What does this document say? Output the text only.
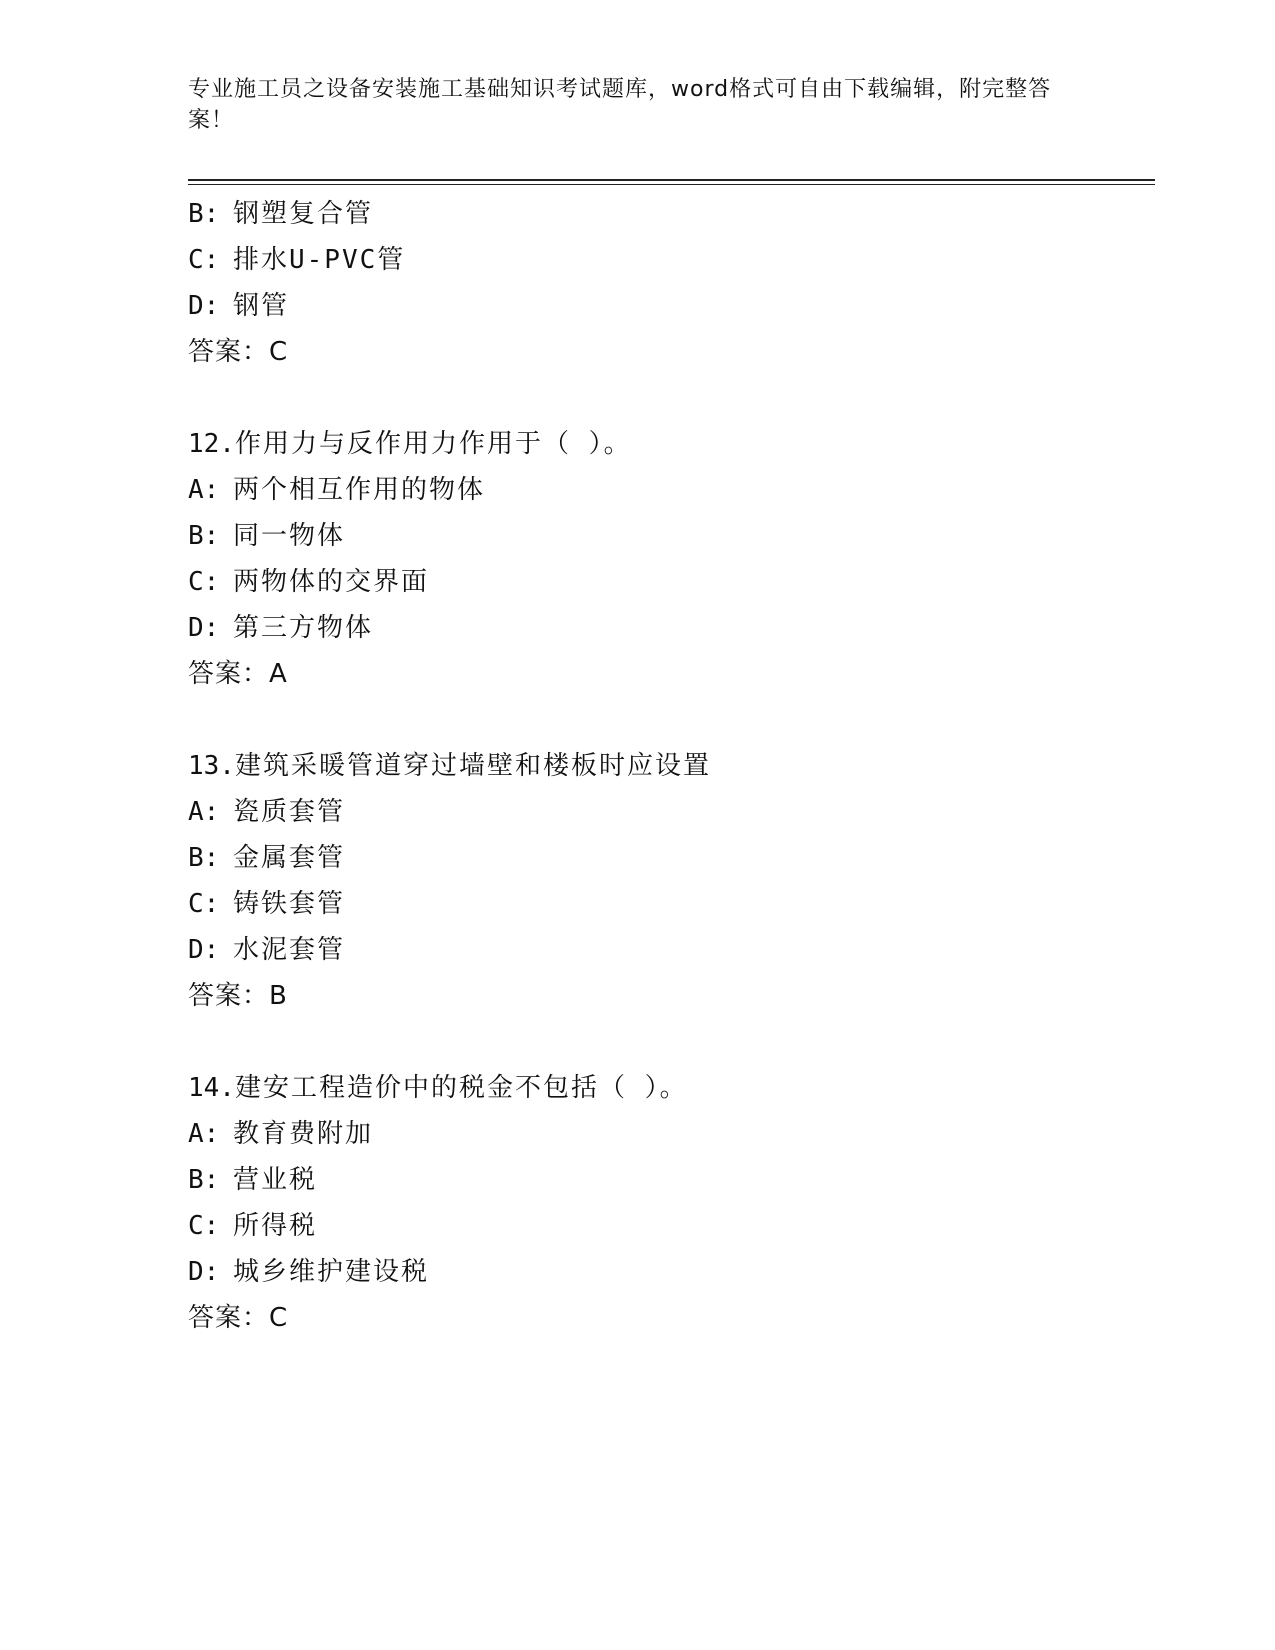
专业施工员之设备安装施工基础知识考试题库，word格式可自由下载编辑，附完整答案！
B: 钢塑复合管
C: 排水U-PVC管
D: 钢管
答案：C
12.作用力与反作用力作用于（ ）。
A: 两个相互作用的物体
B: 同一物体
C: 两物体的交界面
D: 第三方物体
答案：A
13.建筑采暖管道穿过墙壁和楼板时应设置
A: 瓷质套管
B: 金属套管
C: 铸铁套管
D: 水泥套管
答案：B
14.建安工程造价中的税金不包括（ ）。
A: 教育费附加
B: 营业税
C: 所得税
D: 城乡维护建设税
答案：C
